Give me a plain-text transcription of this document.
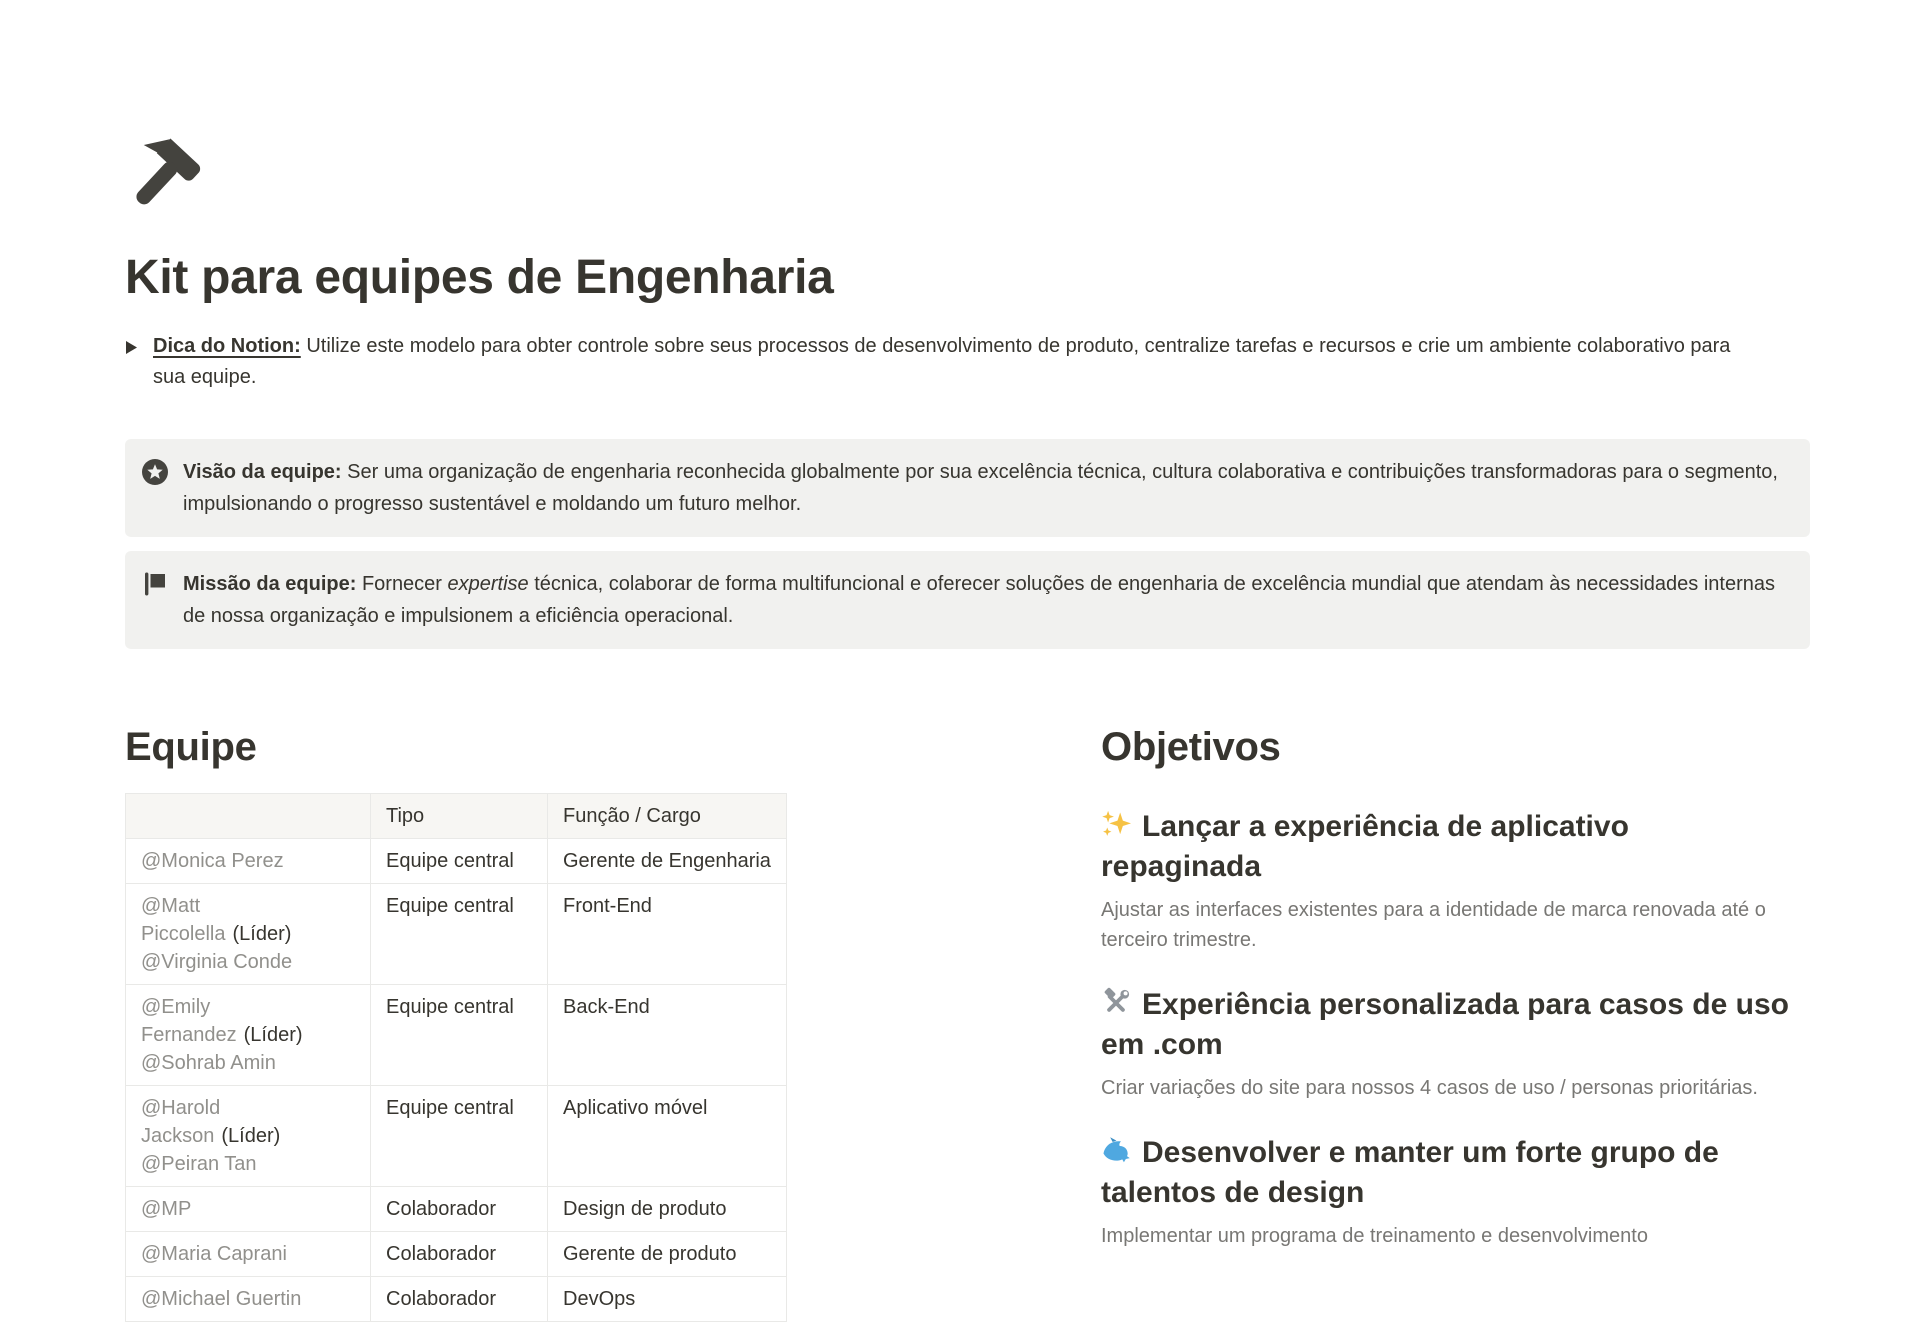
Kit para equipes de Engenharia
Dica do Notion: Utilize este modelo para obter controle sobre seus processos de desenvolvimento de produto, centralize tarefas e recursos e crie um ambiente colaborativo para sua equipe.
Visão da equipe: Ser uma organização de engenharia reconhecida globalmente por sua excelência técnica, cultura colaborativa e contribuições transformadoras para o segmento, impulsionando o progresso sustentável e moldando um futuro melhor.
Missão da equipe: Fornecer expertise técnica, colaborar de forma multifuncional e oferecer soluções de engenharia de excelência mundial que atendam às necessidades internas de nossa organização e impulsionem a eficiência operacional.
Equipe
	Tipo	Função / Cargo

@Monica Perez	Equipe central	Gerente de Engenharia

@Matt Piccolella (Líder)
@Virginia Conde	Equipe central	Front-End

@Emily Fernandez (Líder)
@Sohrab Amin	Equipe central	Back-End

@Harold Jackson (Líder)
@Peiran Tan	Equipe central	Aplicativo móvel

@MP	Colaborador	Design de produto

@Maria Caprani	Colaborador	Gerente de produto

@Michael Guertin	Colaborador	DevOps
Objetivos
Lançar a experiência de aplicativo repaginada

Ajustar as interfaces existentes para a identidade de marca renovada até o terceiro trimestre.

Experiência personalizada para casos de uso em .com

Criar variações do site para nossos 4 casos de uso / personas prioritárias.

Desenvolver e manter um forte grupo de talentos de design

Implementar um programa de treinamento e desenvolvimento
